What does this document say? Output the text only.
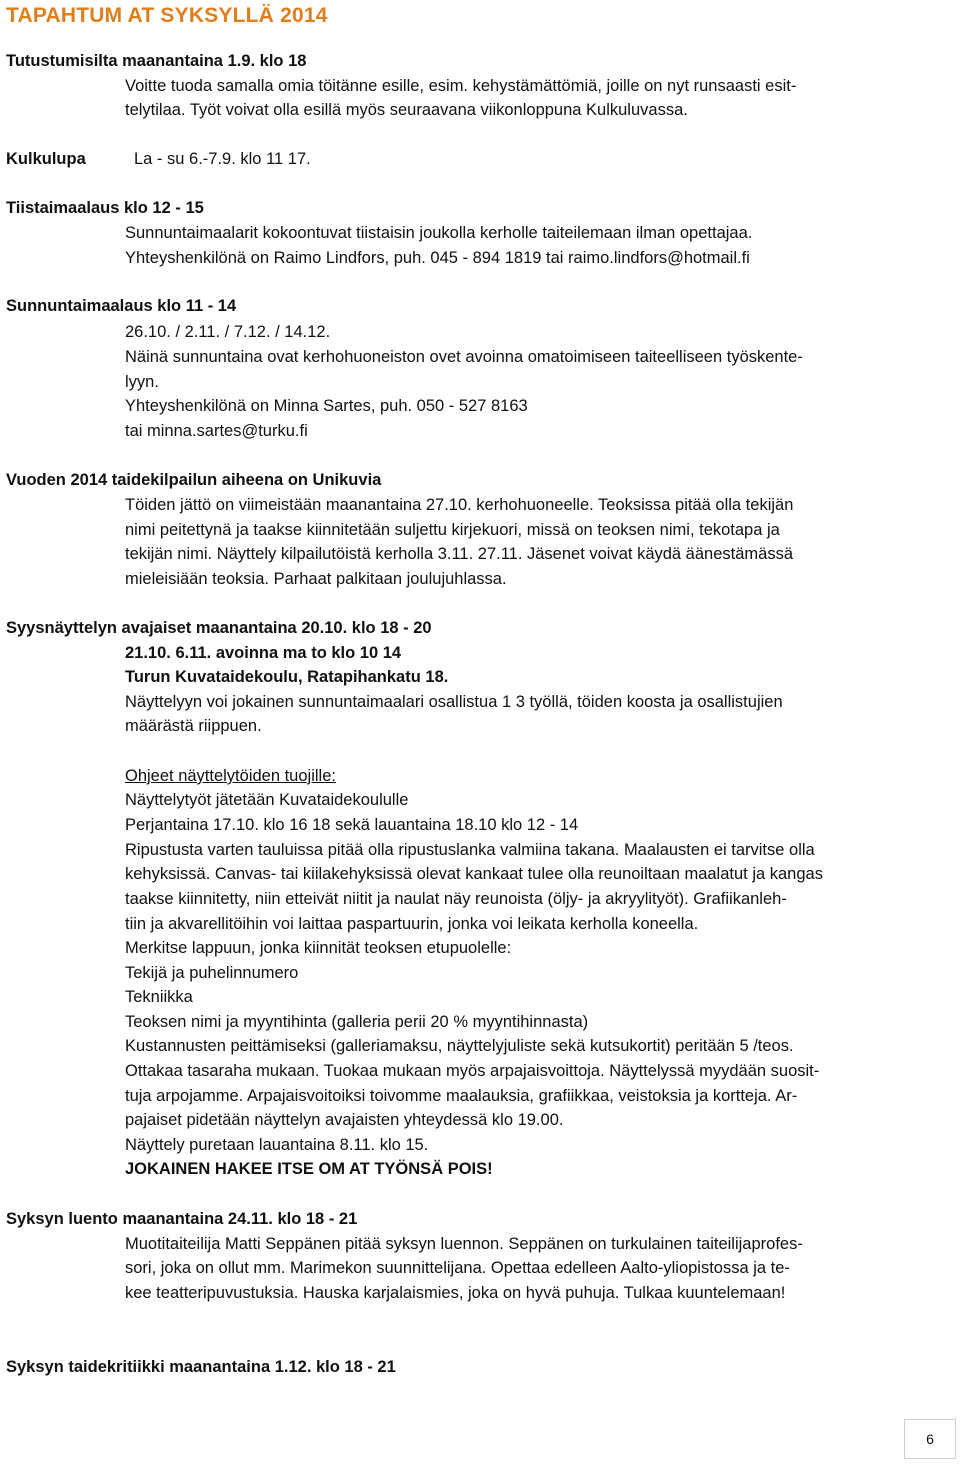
TAPAHTUM AT SYKSYLLÄ 2014
Tutustumisilta maanantaina 1.9. klo 18
Voitte tuoda samalla omia töitänne esille, esim. kehystämättömiä, joille on nyt runsaasti esit-
telytilaa. Työt voivat olla esillä myös seuraavana viikonloppuna Kulkuluvassa.
Kulkulupa	La - su 6.-7.9. klo 11 17.
Tiistaimaalaus klo 12 - 15
Sunnuntaimaalarit kokoontuvat tiistaisin joukolla kerholle taiteilemaan ilman opettajaa.
Yhteyshenkilönä on Raimo Lindfors, puh. 045 - 894 1819 tai raimo.lindfors@hotmail.fi
Sunnuntaimaalaus klo 11 - 14
26.10. / 2.11. / 7.12. / 14.12.
Näinä sunnuntaina ovat kerhohuoneiston ovet avoinna omatoimiseen taiteelliseen työskente-
lyyn.
Yhteyshenkilönä on Minna Sartes, puh. 050 - 527 8163
tai minna.sartes@turku.fi
Vuoden 2014 taidekilpailun aiheena on Unikuvia
Töiden jättö on viimeistään maanantaina 27.10. kerhohuoneelle. Teoksissa pitää olla tekijän
nimi peitettynä ja taakse kiinnitetään suljettu kirjekuori, missä on teoksen nimi, tekotapa ja
tekijän nimi. Näyttely kilpailutöistä kerholla 3.11. 27.11. Jäsenet voivat käydä äänestämässä
mieleisiään teoksia. Parhaat palkitaan joulujuhlassa.
Syysnäyttelyn avajaiset maanantaina 20.10. klo 18 - 20
21.10. 6.11. avoinna ma to klo 10 14
Turun Kuvataidekoulu, Ratapihankatu 18.
Näyttelyyn voi jokainen sunnuntaimaalari osallistua 1 3 työllä, töiden koosta ja osallistujien
määrästä riippuen.
Ohjeet näyttelytöiden tuojille:
Näyttelytyöt jätetään Kuvataidekoululle
Perjantaina 17.10. klo 16 18 sekä lauantaina 18.10 klo 12 - 14
Ripustusta varten tauluissa pitää olla ripustuslanka valmiina takana. Maalausten ei tarvitse olla
kehyksissä. Canvas- tai kiilakehyksissä olevat kankaat tulee olla reunoiltaan maalatut ja kangas
taakse kiinnitetty, niin etteivät niitit ja naulat näy reunoista (öljy- ja akryylityöt). Grafiikanleh-
tiin ja akvarellitöihin voi laittaa paspartuurin, jonka voi leikata kerholla koneella.
Merkitse lappuun, jonka kiinnität teoksen etupuolelle:
Tekijä ja puhelinnumero
Tekniikka
Teoksen nimi ja myyntihinta (galleria perii 20 % myyntihinnasta)
Kustannusten peittämiseksi (galleriamaksu, näyttelyjuliste sekä kutsukortit) peritään 5 /teos.
Ottakaa tasaraha mukaan. Tuokaa mukaan myös arpajaisvoittoja. Näyttelyssä myydään suosit-
tuja arpojamme. Arpajaisvoitoiksi toivomme maalauksia, grafiikkaa, veistoksia ja kortteja. Ar-
pajaiset pidetään näyttelyn avajaisten yhteydessä klo 19.00.
Näyttely puretaan lauantaina 8.11. klo 15.
JOKAINEN HAKEE ITSE OM AT TYÖNSÄ POIS!
Syksyn luento maanantaina 24.11. klo 18 - 21
Muotitaiteilija Matti Seppänen pitää syksyn luennon. Seppänen on turkulainen taiteilijaprofes-
sori, joka on ollut mm. Marimekon suunnittelijana. Opettaa edelleen Aalto-yliopistossa ja te-
kee teatteripuvustuksia. Hauska karjalaismies, joka on hyvä puhuja. Tulkaa kuuntelemaan!
Syksyn taidekritiikki maanantaina 1.12. klo 18 - 21
6
